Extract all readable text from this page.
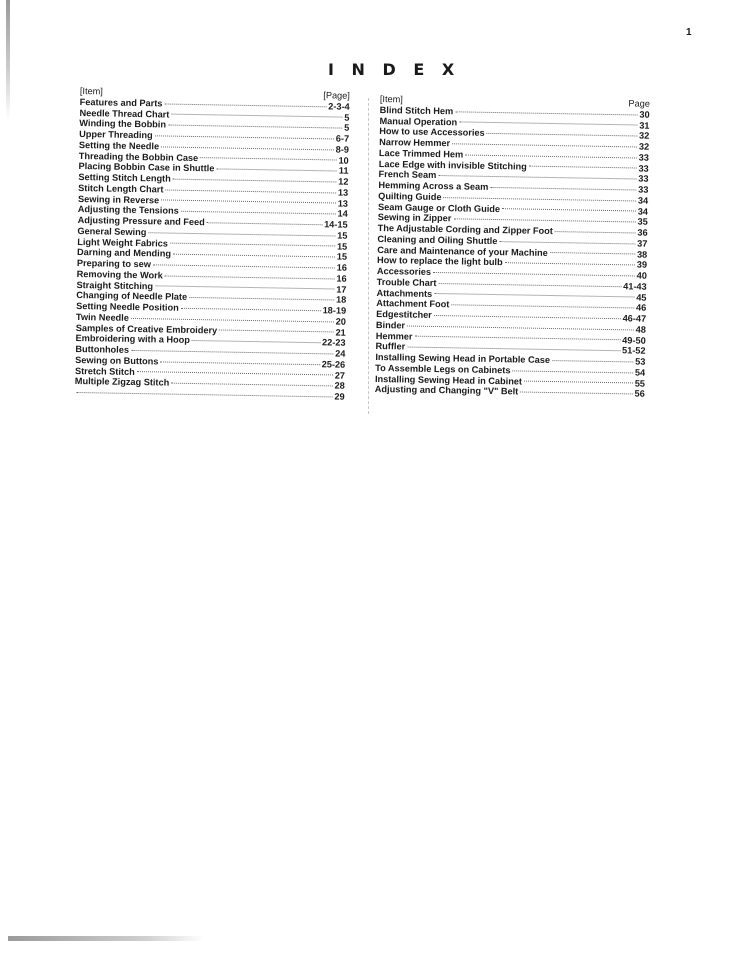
1
I N D E X
[Item]	[Page]
Features and Parts	2-3-4
Needle Thread Chart	5
Winding the Bobbin	5
Upper Threading	6-7
Setting the Needle	8-9
Threading the Bobbin Case	10
Placing Bobbin Case in Shuttle	11
Setting Stitch Length	12
Stitch Length Chart	13
Sewing in Reverse	13
Adjusting the Tensions	14
Adjusting Pressure and Feed	14-15
General Sewing	15
Light Weight Fabrics	15
Darning and Mending	15
Preparing to sew	16
Removing the Work	16
Straight Stitching	17
Changing of Needle Plate	18
Setting Needle Position	18-19
Twin Needle	20
Samples of Creative Embroidery	21
Embroidering with a Hoop	22-23
Buttonholes	24
Sewing on Buttons	25-26
Stretch Stitch	27
Multiple Zigzag Stitch	28
29
[Item]	Page
Blind Stitch Hem	30
Manual Operation	31
How to use Accessories	32
Narrow Hemmer	32
Lace Trimmed Hem	33
Lace Edge with invisible Stitching	33
French Seam	33
Hemming Across a Seam	33
Quilting Guide	34
Seam Gauge or Cloth Guide	34
Sewing in Zipper	35
The Adjustable Cording and Zipper Foot	36
Cleaning and Oiling Shuttle	37
Care and Maintenance of your Machine	38
How to replace the light bulb	39
Accessories	40
Trouble Chart	41-43
Attachments	45
Attachment Foot	46
Edgestitcher	46-47
Binder	48
Hemmer	49-50
Ruffler	51-52
Installing Sewing Head in Portable Case	53
To Assemble Legs on Cabinets	54
Installing Sewing Head in Cabinet	55
Adjusting and Changing "V" Belt	56
